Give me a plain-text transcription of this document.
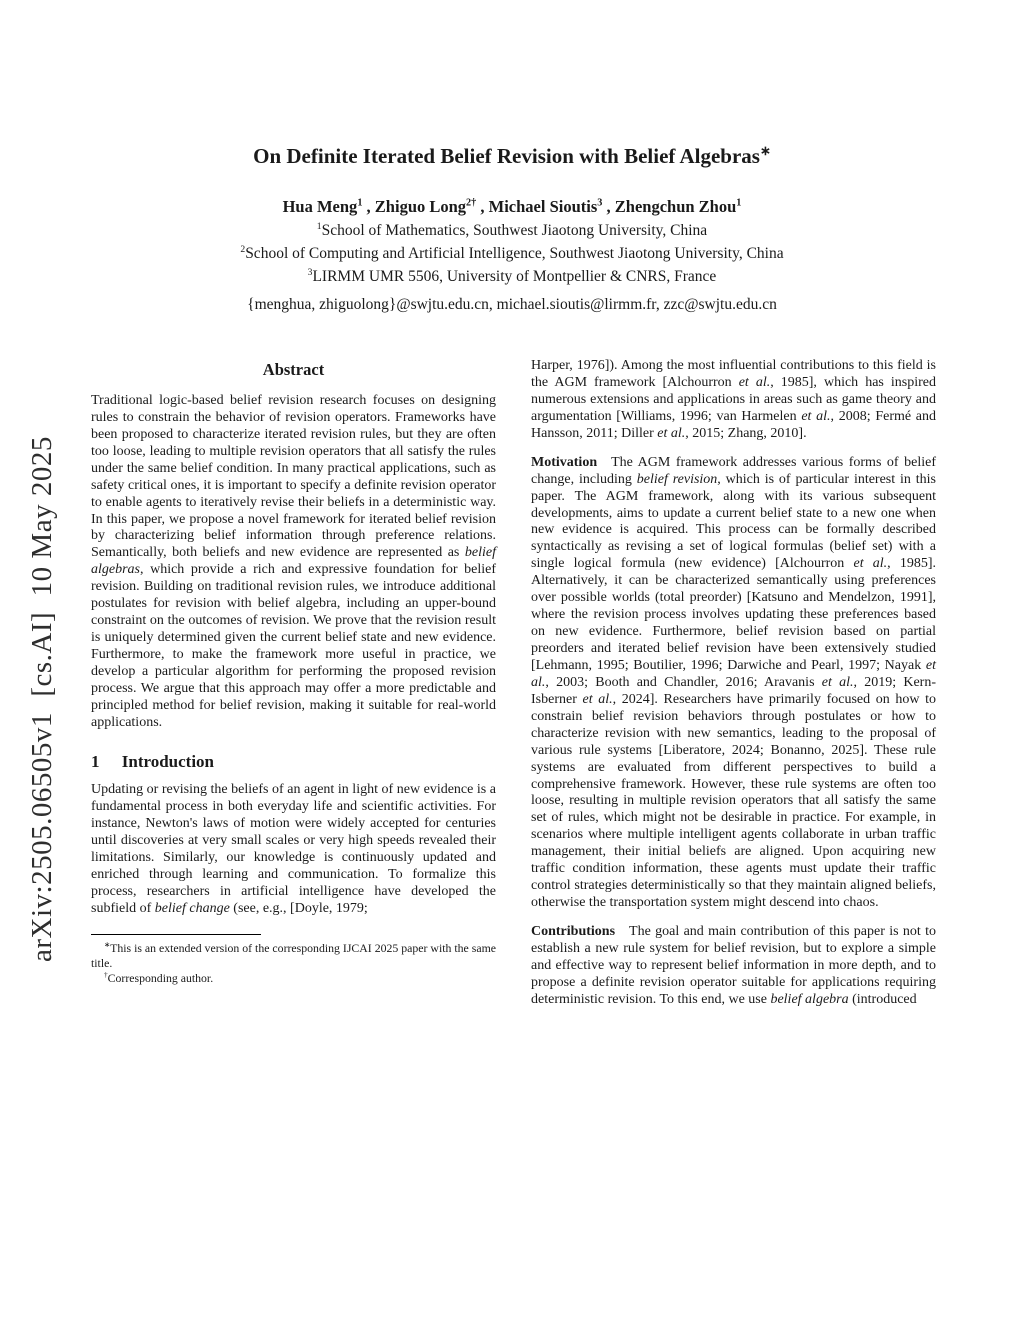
arXiv:2505.06505v1  [cs.AI]  10 May 2025
On Definite Iterated Belief Revision with Belief Algebras∗
Hua Meng$^1$ , Zhiguo Long$^{2\dagger}$ , Michael Sioutis$^3$ , Zhengchun Zhou$^1$
$^1$School of Mathematics, Southwest Jiaotong University, China
$^2$School of Computing and Artificial Intelligence, Southwest Jiaotong University, China
$^3$LIRMM UMR 5506, University of Montpellier & CNRS, France
{menghua, zhiguolong}@swjtu.edu.cn, michael.sioutis@lirmm.fr, zzc@swjtu.edu.cn
Abstract

Traditional logic-based belief revision research focuses on designing rules to constrain the behavior of revision operators. Frameworks have been proposed to characterize iterated revision rules, but they are often too loose, leading to multiple revision operators that all satisfy the rules under the same belief condition. In many practical applications, such as safety critical ones, it is important to specify a definite revision operator to enable agents to iteratively revise their beliefs in a deterministic way. In this paper, we propose a novel framework for iterated belief revision by characterizing belief information through preference relations. Semantically, both beliefs and new evidence are represented as belief algebras, which provide a rich and expressive foundation for belief revision. Building on traditional revision rules, we introduce additional postulates for revision with belief algebra, including an upper-bound constraint on the outcomes of revision. We prove that the revision result is uniquely determined given the current belief state and new evidence. Furthermore, to make the framework more useful in practice, we develop a particular algorithm for performing the proposed revision process. We argue that this approach may offer a more predictable and principled method for belief revision, making it suitable for real-world applications.

1 Introduction

Updating or revising the beliefs of an agent in light of new evidence is a fundamental process in both everyday life and scientific activities. For instance, Newton's laws of motion were widely accepted for centuries until discoveries at very small scales or very high speeds revealed their limitations. Similarly, our knowledge is continuously updated and enriched through learning and communication. To formalize this process, researchers in artificial intelligence have developed the subfield of belief change (see, e.g., [Doyle, 1979;

∗This is an extended version of the corresponding IJCAI 2025 paper with the same title.
†Corresponding author.

Harper, 1976]). Among the most influential contributions to this field is the AGM framework [Alchourron et al., 1985], which has inspired numerous extensions and applications in areas such as game theory and argumentation [Williams, 1996; van Harmelen et al., 2008; Fermé and Hansson, 2011; Diller et al., 2015; Zhang, 2010].

Motivation The AGM framework addresses various forms of belief change, including belief revision, which is of particular interest in this paper. The AGM framework, along with its various subsequent developments, aims to update a current belief state to a new one when new evidence is acquired. This process can be formally described syntactically as revising a set of logical formulas (belief set) with a single logical formula (new evidence) [Alchourron et al., 1985]. Alternatively, it can be characterized semantically using preferences over possible worlds (total preorder) [Katsuno and Mendelzon, 1991], where the revision process involves updating these preferences based on new evidence. Furthermore, belief revision based on partial preorders and iterated belief revision have been extensively studied [Lehmann, 1995; Boutilier, 1996; Darwiche and Pearl, 1997; Nayak et al., 2003; Booth and Chandler, 2016; Aravanis et al., 2019; Kern-Isberner et al., 2024]. Researchers have primarily focused on how to constrain belief revision behaviors through postulates or how to characterize revision with new semantics, leading to the proposal of various rule systems [Liberatore, 2024; Bonanno, 2025]. These rule systems are evaluated from different perspectives to build a comprehensive framework. However, these rule systems are often too loose, resulting in multiple revision operators that all satisfy the same set of rules, which might not be desirable in practice. For example, in scenarios where multiple intelligent agents collaborate in urban traffic management, their initial beliefs are aligned. Upon acquiring new traffic condition information, these agents must update their traffic control strategies deterministically so that they maintain aligned beliefs, otherwise the transportation system might descend into chaos.

Contributions The goal and main contribution of this paper is not to establish a new rule system for belief revision, but to explore a simple and effective way to represent belief information in more depth, and to propose a definite revision operator suitable for applications requiring deterministic revision. To this end, we use belief algebra (introduced
